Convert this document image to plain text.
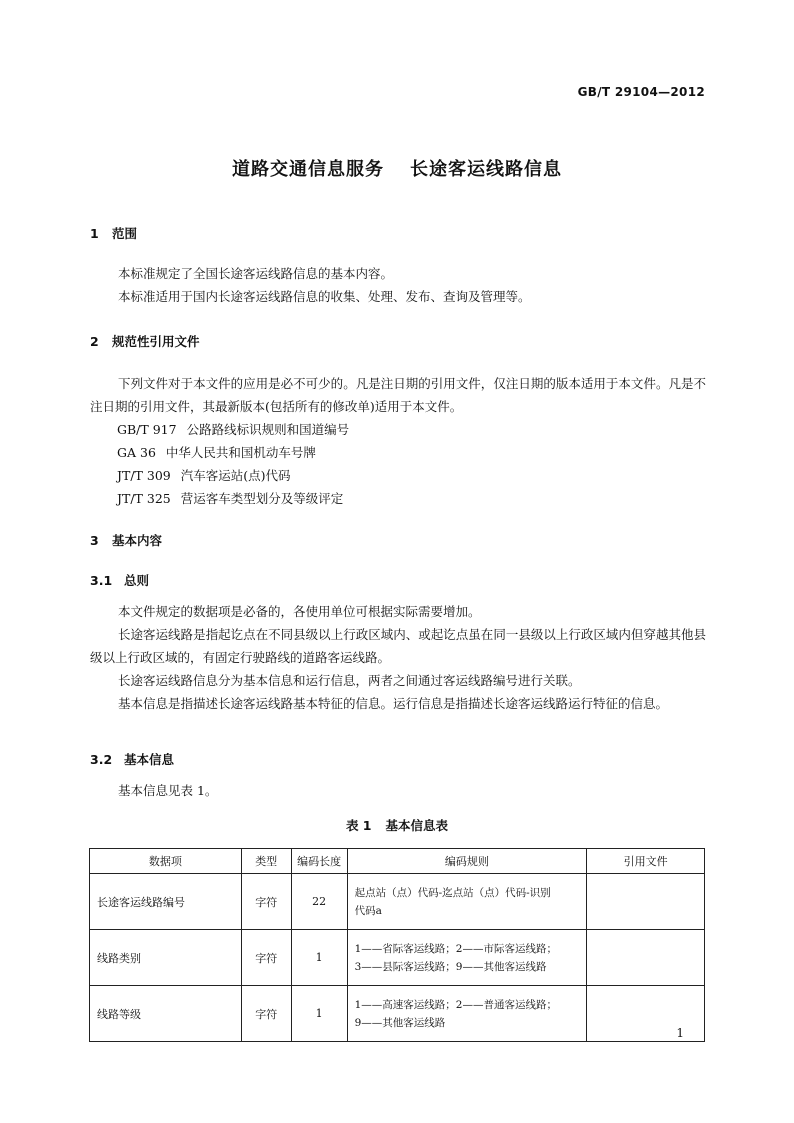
GB/T 29104—2012
道路交通信息服务 长途客运线路信息
1 范围
本标准规定了全国长途客运线路信息的基本内容。
本标准适用于国内长途客运线路信息的收集、处理、发布、查询及管理等。
2 规范性引用文件
下列文件对于本文件的应用是必不可少的。凡是注日期的引用文件，仅注日期的版本适用于本文件。凡是不注日期的引用文件，其最新版本(包括所有的修改单)适用于本文件。
GB/T 917 公路路线标识规则和国道编号
GA 36 中华人民共和国机动车号牌
JT/T 309 汽车客运站(点)代码
JT/T 325 营运客车类型划分及等级评定
3 基本内容
3.1 总则
本文件规定的数据项是必备的，各使用单位可根据实际需要增加。
长途客运线路是指起讫点在不同县级以上行政区域内、或起讫点虽在同一县级以上行政区域内但穿越其他县级以上行政区域的，有固定行驶路线的道路客运线路。
长途客运线路信息分为基本信息和运行信息，两者之间通过客运线路编号进行关联。
基本信息是指描述长途客运线路基本特征的信息。运行信息是指描述长途客运线路运行特征的信息。
3.2 基本信息
基本信息见表 1。
表 1 基本信息表
数据项	类型	编码长度	编码规则	引用文件
长途客运线路编号	字符	22	起点站（点）代码-迄点站（点）代码-识别
代码a	

线路类别	字符	1	1——省际客运线路；2——市际客运线路；
3——县际客运线路；9——其他客运线路	

线路等级	字符	1	1——高速客运线路；2——普通客运线路；
9——其他客运线路	

1
